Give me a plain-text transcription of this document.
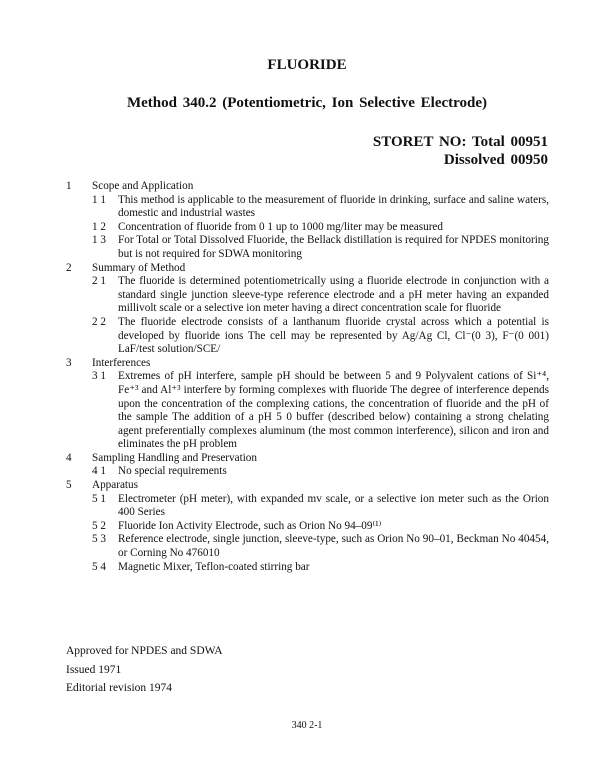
FLUORIDE
Method 340.2 (Potentiometric, Ion Selective Electrode)
STORET NO: Total 00951
Dissolved 00950
1 Scope and Application
1 1 This method is applicable to the measurement of fluoride in drinking, surface and saline waters, domestic and industrial wastes
1 2 Concentration of fluoride from 0 1 up to 1000 mg/liter may be measured
1 3 For Total or Total Dissolved Fluoride, the Bellack distillation is required for NPDES monitoring but is not required for SDWA monitoring
2 Summary of Method
2 1 The fluoride is determined potentiometrically using a fluoride electrode in conjunction with a standard single junction sleeve-type reference electrode and a pH meter having an expanded millivolt scale or a selective ion meter having a direct concentration scale for fluoride
2 2 The fluoride electrode consists of a lanthanum fluoride crystal across which a potential is developed by fluoride ions The cell may be represented by Ag/Ag Cl, Cl⁻(0 3), F⁻(0 001) LaF/test solution/SCE/
3 Interferences
3 1 Extremes of pH interfere, sample pH should be between 5 and 9 Polyvalent cations of Si⁺⁴, Fe⁺³ and Al⁺³ interfere by forming complexes with fluoride The degree of interference depends upon the concentration of the complexing cations, the concentration of fluoride and the pH of the sample The addition of a pH 5 0 buffer (described below) containing a strong chelating agent preferentially complexes aluminum (the most common interference), silicon and iron and eliminates the pH problem
4 Sampling Handling and Preservation
4 1 No special requirements
5 Apparatus
5 1 Electrometer (pH meter), with expanded mv scale, or a selective ion meter such as the Orion 400 Series
5 2 Fluoride Ion Activity Electrode, such as Orion No 94–09⁽¹⁾
5 3 Reference electrode, single junction, sleeve-type, such as Orion No 90–01, Beckman No 40454, or Corning No 476010
5 4 Magnetic Mixer, Teflon-coated stirring bar
Approved for NPDES and SDWA
Issued 1971
Editorial revision 1974
340 2-1
